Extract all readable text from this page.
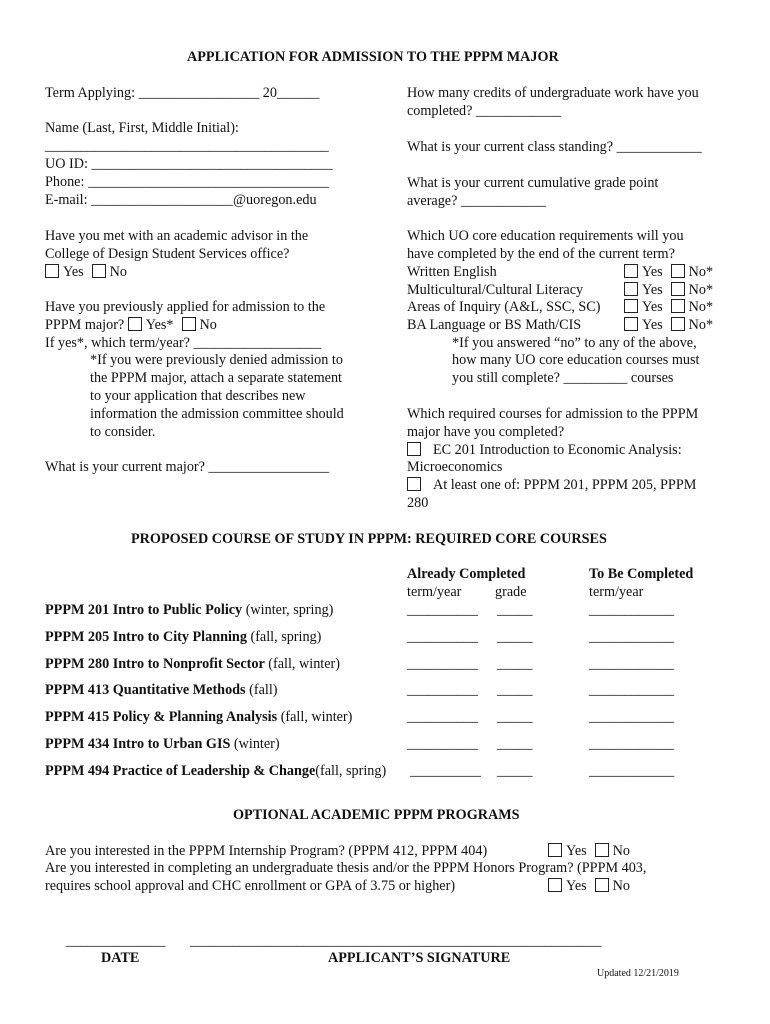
APPLICATION FOR ADMISSION TO THE PPPM MAJOR
Term Applying: _________________ 20______
Name (Last, First, Middle Initial):
________________________________________
UO ID: __________________________________
Phone: __________________________________
E-mail: ____________________@uoregon.edu
Have you met with an academic advisor in the
College of Design Student Services office?
Yes No
Have you previously applied for admission to the
PPPM major? Yes* No
If yes*, which term/year? __________________
*If you were previously denied admission to
the PPPM major, attach a separate statement
to your application that describes new
information the admission committee should
to consider.
What is your current major? _________________
How many credits of undergraduate work have you
completed? ____________
What is your current class standing? ____________
What is your current cumulative grade point
average? ____________
Which UO core education requirements will you
have completed by the end of the current term?
Written English	Yes No*
Multicultural/Cultural Literacy	Yes No*
Areas of Inquiry (A&L, SSC, SC)	Yes No*
BA Language or BS Math/CIS	Yes No*
*If you answered “no” to any of the above,
how many UO core education courses must
you still complete? _________ courses
Which required courses for admission to the PPPM
major have you completed?
EC 201 Introduction to Economic Analysis:
Microeconomics
At least one of: PPPM 201, PPPM 205, PPPM
280
PROPOSED COURSE OF STUDY IN PPPM: REQUIRED CORE COURSES
Already Completed	To Be Completed
term/year grade	term/year
PPPM 201 Intro to Public Policy (winter, spring)	__________ _____	____________
PPPM 205 Intro to City Planning (fall, spring)	__________ _____	____________
PPPM 280 Intro to Nonprofit Sector (fall, winter)	__________ _____	____________
PPPM 413 Quantitative Methods (fall)	__________ _____	____________
PPPM 415 Policy & Planning Analysis (fall, winter)	__________ _____	____________
PPPM 434 Intro to Urban GIS (winter)	__________ _____	____________
PPPM 494 Practice of Leadership & Change(fall, spring) __________ _____	____________
OPTIONAL ACADEMIC PPPM PROGRAMS
Are you interested in the PPPM Internship Program? (PPPM 412, PPPM 404)	Yes No
Are you interested in completing an undergraduate thesis and/or the PPPM Honors Program? (PPPM 403,
requires school approval and CHC enrollment or GPA of 3.75 or higher)	Yes No
______________ __________________________________________________________
DATE	APPLICANT’S SIGNATURE
Updated 12/21/2019
